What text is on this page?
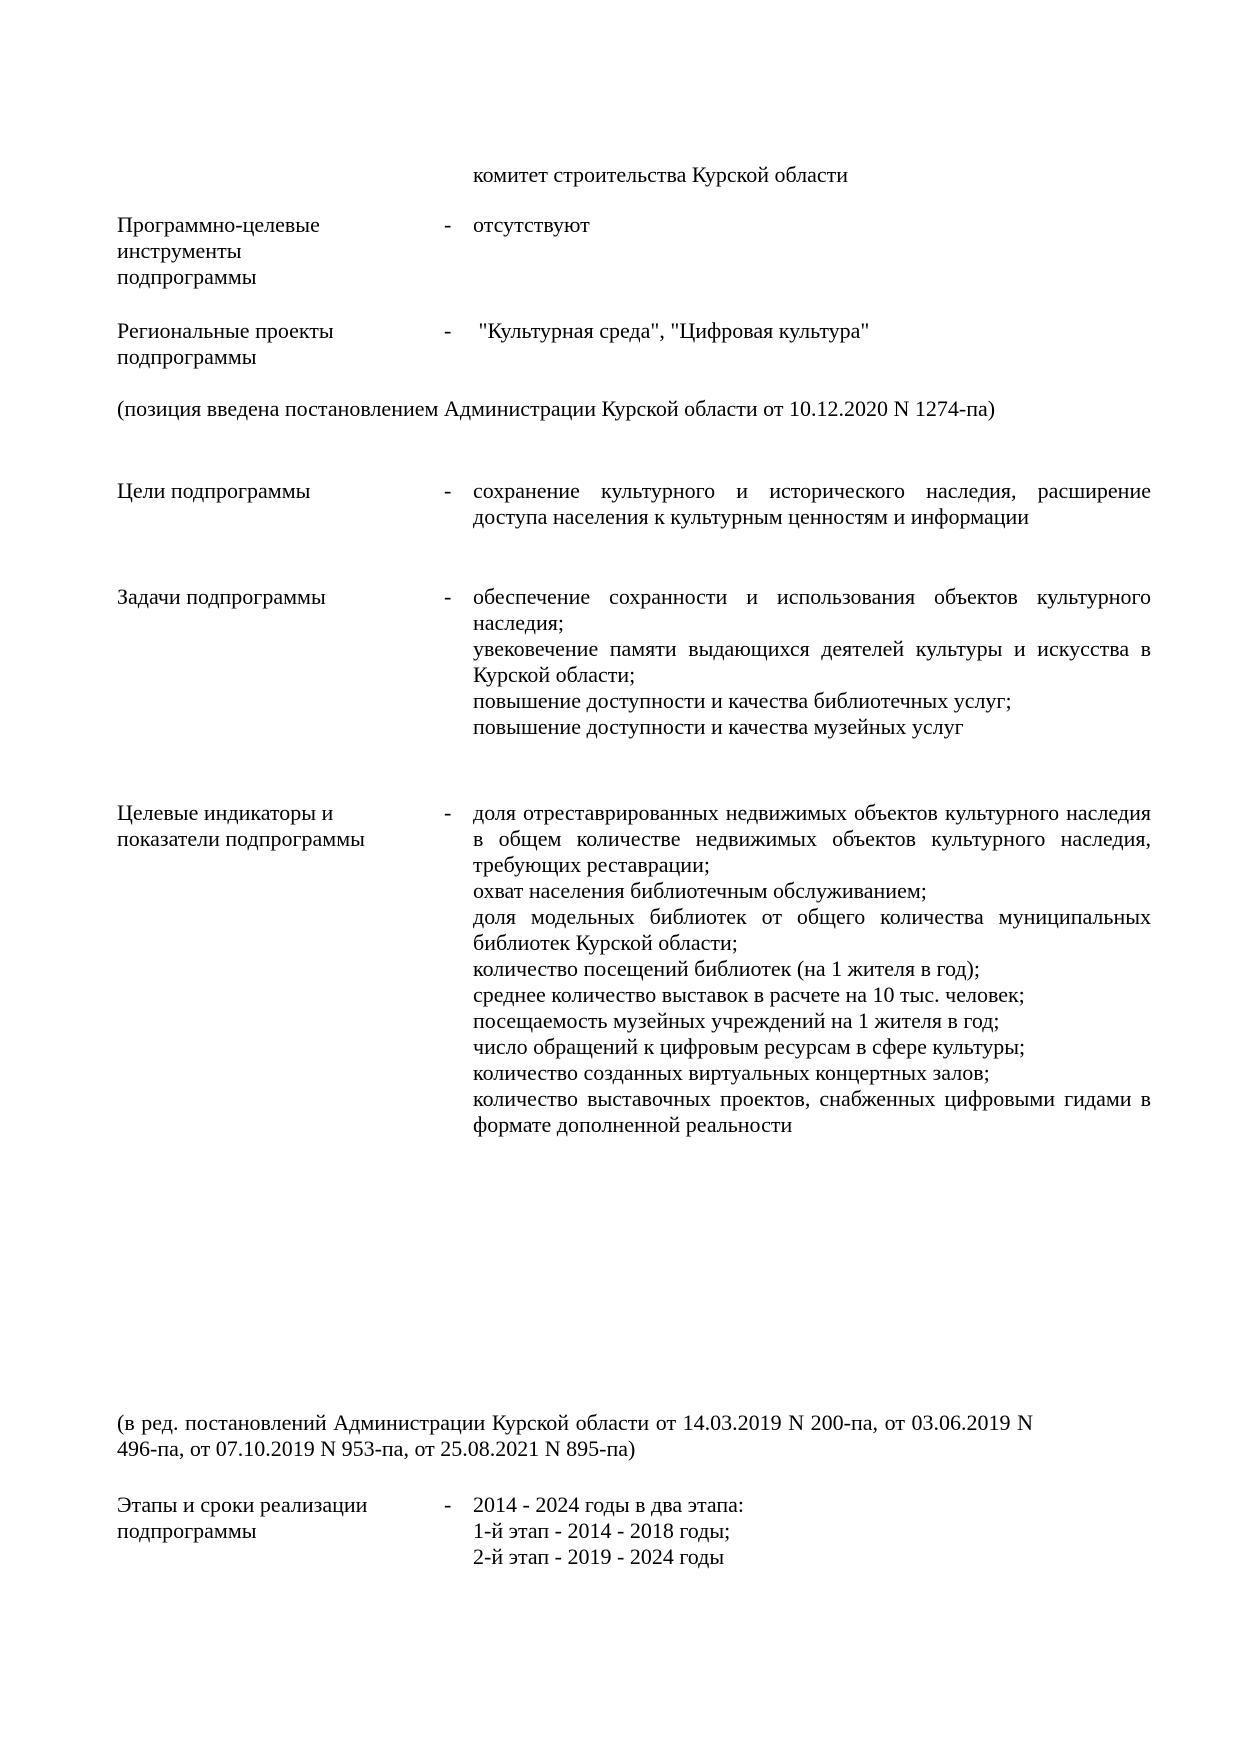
комитет строительства Курской области

Программно-целевые

инструменты

подпрограммы

- отсутствуют

Региональные проекты

подпрограммы

- "Культурная среда", "Цифровая культура"

(позиция введена постановлением Администрации Курской области от 10.12.2020 N 1274-па)

Цели подпрограммы	- сохранение культурного и исторического наследия, расширение доступа населения к культурным ценностям и информации

Задачи подпрограммы	- обеспечение сохранности и использования объектов культурного наследия;

увековечение памяти выдающихся деятелей культуры и искусства в Курской области;

повышение доступности и качества библиотечных услуг;

повышение доступности и качества музейных услуг

Целевые индикаторы и

показатели подпрограммы

- доля отреставрированных недвижимых объектов культурного наследия в общем количестве недвижимых объектов культурного наследия, требующих реставрации;

охват населения библиотечным обслуживанием;

доля модельных библиотек от общего количества муниципальных библиотек Курской области;

количество посещений библиотек (на 1 жителя в год);

среднее количество выставок в расчете на 10 тыс. человек;

посещаемость музейных учреждений на 1 жителя в год;

число обращений к цифровым ресурсам в сфере культуры;

количество созданных виртуальных концертных залов;

количество выставочных проектов, снабженных цифровыми гидами в формате дополненной реальности

(в ред. постановлений Администрации Курской области от 14.03.2019 N 200-па, от 03.06.2019 N 496-па, от 07.10.2019 N 953-па, от 25.08.2021 N 895-па)

Этапы и сроки реализации

подпрограммы

- 2014 - 2024 годы в два этапа:

1-й этап - 2014 - 2018 годы;

2-й этап - 2019 - 2024 годы
